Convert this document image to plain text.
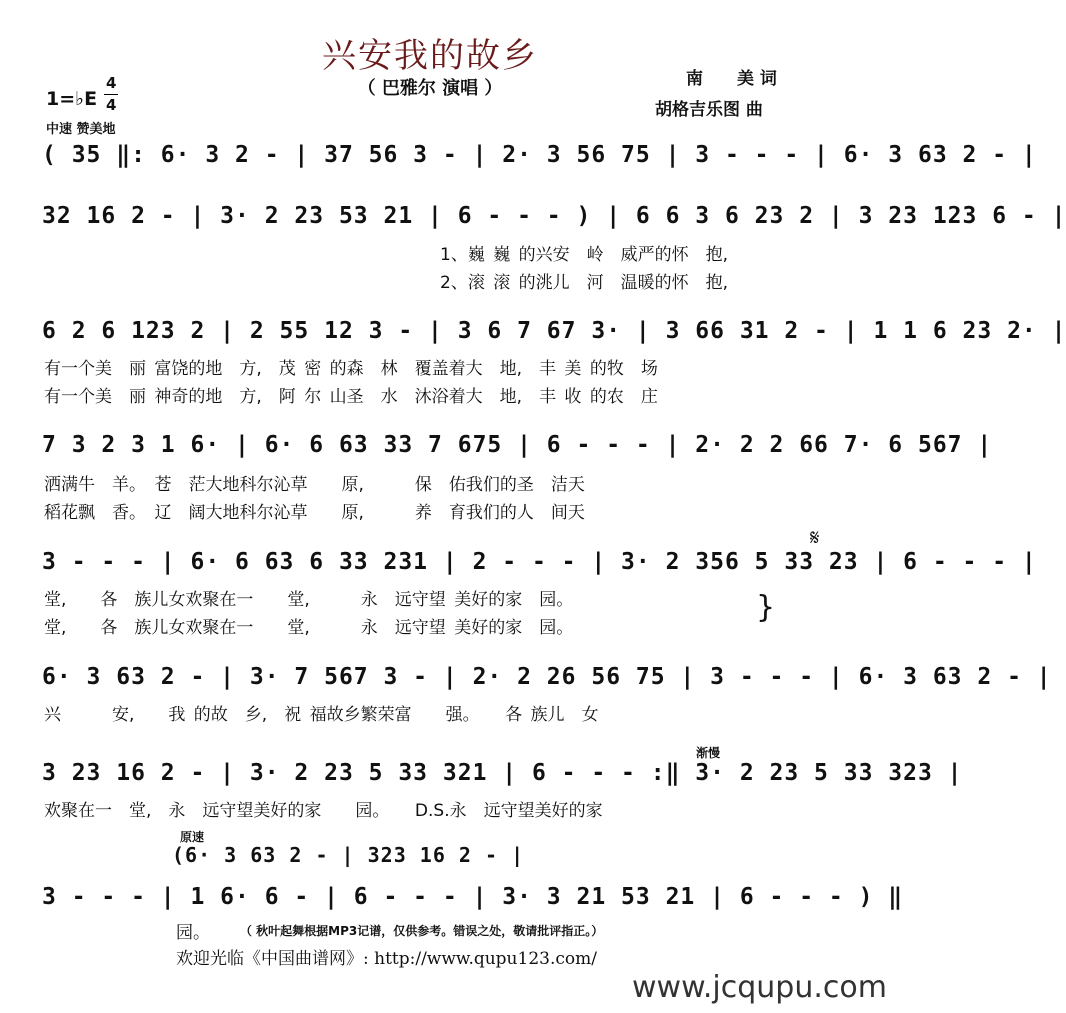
兴安我的故乡
（ 巴雅尔 演唱 ）	南　　美 词
胡格吉乐图 曲
1=♭E
4
4
中速 赞美地
( 35 ‖: 6· 3 2 - | 37 56 3 - | 2· 3 56 75 | 3 - - - | 6· 3 63 2 - |
32 16 2 - | 3· 2 23 53 21 | 6 - - - ) | 6 6 3 6 23 2 | 3 23 123 6 - |
1、巍 巍 的兴安　岭　威严的怀　抱,
2、滚 滚 的洮儿　河　温暖的怀　抱,
6 2 6 123 2 | 2 55 12 3 - | 3 6 7 67 3· | 3 66 31 2 - | 1 1 6 23 2· |
有一个美　丽 富饶的地　方,　茂 密 的森　林　覆盖着大　地,　丰 美 的牧　场
有一个美　丽 神奇的地　方,　阿 尔 山圣　水　沐浴着大　地,　丰 收 的农　庄
7 3 2 3 1 6· | 6· 6 63 33 7 675 | 6 - - - | 2· 2 2 66 7· 6 567 |
洒满牛　羊。　苍　茫大地科尔沁草　　原,　　　保　佑我们的圣　洁天
稻花飘　香。　辽　阔大地科尔沁草　　原,　　　养　育我们的人　间天
3 - - - | 6· 6 63 6 33 231 | 2 - - - | 3· 2 356 5 33 23 | 6 - - - |
堂,　　各　族儿女欢聚在一　　堂,　　　永　远守望 美好的家　园。
堂,　　各　族儿女欢聚在一　　堂,　　　永　远守望 美好的家　园。
𝄋
}
6· 3 63 2 - | 3· 7 567 3 - | 2· 2 26 56 75 | 3 - - - | 6· 3 63 2 - |
兴　　　安,　　我 的故　乡,　祝 福故乡繁荣富　　强。　　各 族儿　女
渐慢
3 23 16 2 - | 3· 2 23 5 33 321 | 6 - - - :‖ 3· 2 23 5 33 323 |
欢聚在一　堂,　永　远守望美好的家　　园。　　D.S.永　远守望美好的家
原速
(6· 3 63 2 - | 323 16 2 - |
3 - - - | 1 6· 6 - | 6 - - - | 3· 3 21 53 21 | 6 - - - ) ‖
园。	（ 秋叶起舞根据MP3记谱，仅供参考。错误之处，敬请批评指正。）
欢迎光临《中国曲谱网》: http://www.qupu123.com/
www.jcqupu.com
